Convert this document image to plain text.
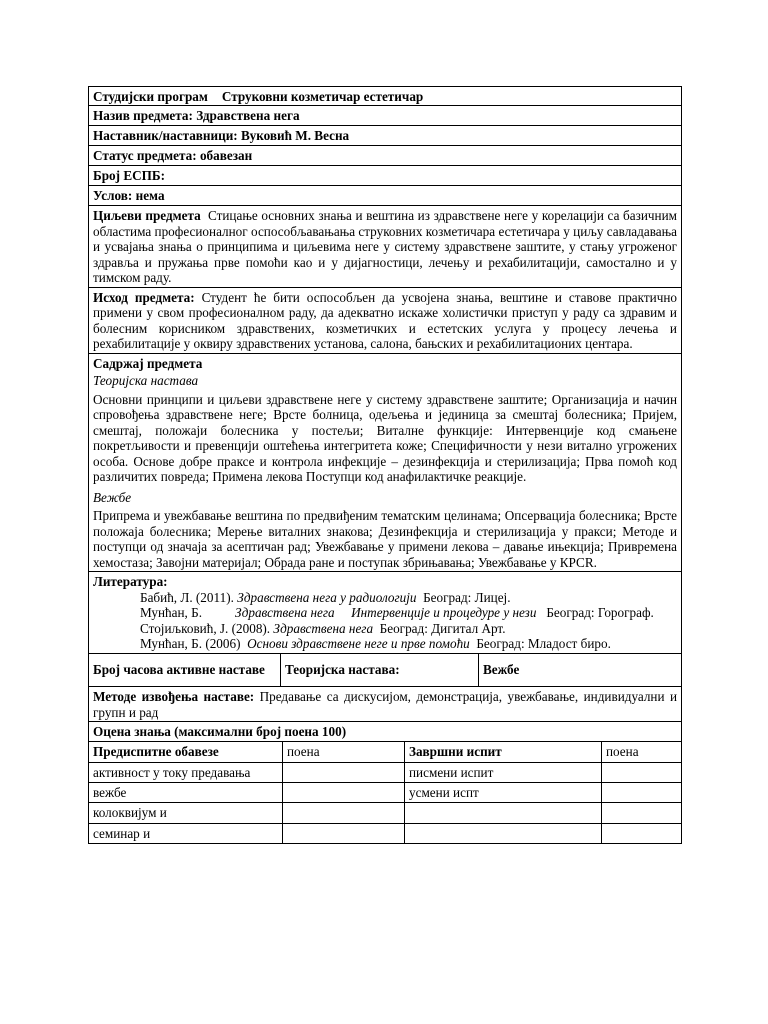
Студијски програм Струковни козметичар естетичар
Назив предмета: Здравствена нега
Наставник/наставници: Вуковић М. Весна
Статус предмета: обавезан
Број ЕСПБ:
Услов: нема
Циљеви предмета Стицање основних знања и вештина из здравствене неге у корелацији са базичним областима професионалног оспособљавањања струковних козметичара естетичара у циљу савладавања и усвајања знања о принципима и циљевима неге у систему здравствене заштите, у стању угроженог здравља и пружања прве помоћи као и у дијагностици, лечењу и рехабилитацији, самостално и у тимском раду.
Исход предмета: Студент ће бити оспособљен да усвојена знања, вештине и ставове практично примени у свом професионалном раду, да адекватно искаже холистички приступ у раду са здравим и болесним корисником здравствених, козметичких и естетских услуга у процесу лечења и рехабилитације у оквиру здравствених установа, салона, бањских и рехабилитационих центара.
Садржај предмета
Теоријска настава
Основни принципи и циљеви здравствене неге у систему здравствене заштите; Организација и начин спровођења здравствене неге; Врсте болница, одељења и јединица за смештај болесника; Пријем, смештај, положаји болесника у постељи; Виталне функције: Интервенције код смањене покретљивости и превенцији оштећења интегритета коже; Специфичности у нези витално угрожених особа. Основе добре праксе и контрола инфекције – дезинфекција и стерилизација; Прва помоћ код различитих повреда; Примена лекова Поступци код анафилактичке реакције.
Вежбе
Припрема и увежбавање вештина по предвиђеним тематским целинама; Опсервација болесника; Врсте положаја болесника; Мерење виталних знакова; Дезинфекција и стерилизација у пракси; Методе и поступци од значаја за асептичан рад; Увежбавање у примени лекова – давање ињекција; Привремена хемостаза; Завојни материјал; Обрада ране и поступак збрињавања; Увежбавање у КРСR.
Литература:
Бабић, Л. (2011). Здравствена нега у радиологији Београд: Лицеј.
Мунћан, Б. Здравствена нега     Интервенције и процедуре у нези Београд: Горограф.
Стојиљковић, Ј. (2008). Здравствена нега Београд: Дигитал Арт.
Мунћан, Б. (2006) Основи здравствене неге и прве помоћи Београд: Младост биро.
Број часова активне наставе	Теоријска настава:	Вежбе
Методе извођења наставе: Предавање са дискусијом, демонстрација, увежбавање, индивидуални и групн и рад
Оцена знања (максимални број поена 100)
Предиспитне обавезе	поена	Завршни испит	поена
активност у току предавања		писмени испит	
вежбе		усмени испт	
колоквијум и			
семинар и			
